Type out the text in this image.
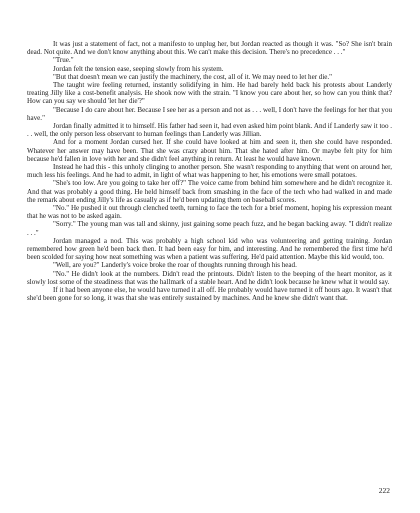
It was just a statement of fact, not a manifesto to unplug her, but Jordan reacted as though it was. "So? She isn't brain dead. Not quite. And we don't know anything about this. We can't make this decision. There's no precedence . . ."

"True."

Jordan felt the tension ease, seeping slowly from his system.

"But that doesn't mean we can justify the machinery, the cost, all of it. We may need to let her die."

The taught wire feeling returned, instantly solidifying in him. He had barely held back his protests about Landerly treating Jilly like a cost-benefit analysis. He shook now with the strain. "I know you care about her, so how can you think that? How can you say we should 'let her die'?"

"Because I do care about her. Because I see her as a person and not as . . . well, I don't have the feelings for her that you have."

Jordan finally admitted it to himself. His father had seen it, had even asked him point blank. And if Landerly saw it too . . . well, the only person less observant to human feelings than Landerly was Jillian.

And for a moment Jordan cursed her. If she could have looked at him and seen it, then she could have responded. Whatever her answer may have been. That she was crazy about him. That she hated after him. Or maybe felt pity for him because he'd fallen in love with her and she didn't feel anything in return. At least he would have known.

Instead he had this - this unholy clinging to another person. She wasn't responding to anything that went on around her, much less his feelings. And he had to admit, in light of what was happening to her, his emotions were small potatoes.

"She's too low. Are you going to take her off?" The voice came from behind him somewhere and he didn't recognize it. And that was probably a good thing. He held himself back from smashing in the face of the tech who had walked in and made the remark about ending Jilly's life as casually as if he'd been updating them on baseball scores.

"No." He pushed it out through clenched teeth, turning to face the tech for a brief moment, hoping his expression meant that he was not to be asked again.

"Sorry." The young man was tall and skinny, just gaining some peach fuzz, and he began backing away. "I didn't realize . . ."

Jordan managed a nod. This was probably a high school kid who was volunteering and getting training. Jordan remembered how green he'd been back then. It had been easy for him, and interesting. And he remembered the first time he'd been scolded for saying how neat something was when a patient was suffering. He'd paid attention. Maybe this kid would, too.

"Well, are you?" Landerly's voice broke the roar of thoughts running through his head.

"No." He didn't look at the numbers. Didn't read the printouts. Didn't listen to the beeping of the heart monitor, as it slowly lost some of the steadiness that was the hallmark of a stable heart. And he didn't look because he knew what it would say.

If it had been anyone else, he would have turned it all off. He probably would have turned it off hours ago. It wasn't that she'd been gone for so long, it was that she was entirely sustained by machines. And he knew she didn't want that.

222
